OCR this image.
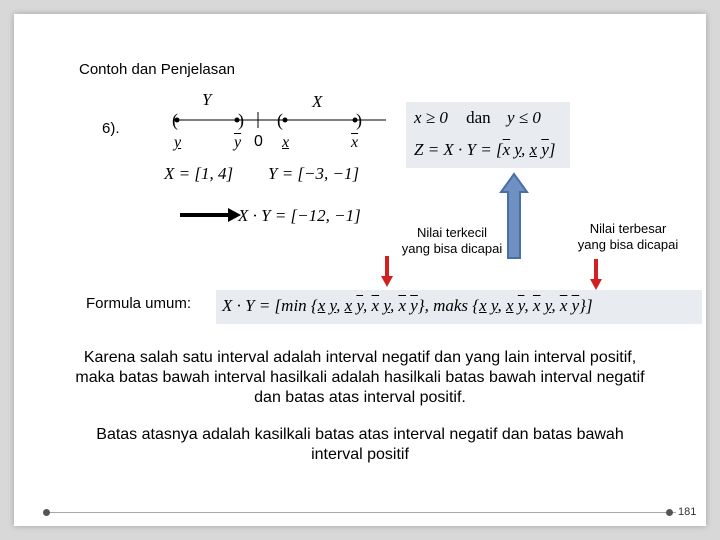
Contoh dan Penjelasan
6).
Y	X
(	) (	)
y	$\overline{y}$ 0 x	$\overline{x}$
X = [1, 4] Y = [−3, −1]
X · Y = [−12, −1]
x ≥ 0 dan y ≤ 0
$Z = X \cdot Y = [\overline{x}$ y, x $\overline{y}$]
Nilai terkecil
yang bisa dicapai
Nilai terbesar
yang bisa dicapai
Formula umum: X · Y = [min {x y, x $\overline{y}$, $\overline{x}$ y, $\overline{x}$ $\overline{y}$}, maks {x y, x $\overline{y}$, $\overline{x}$ y, $\overline{x}$ $\overline{y}$}]
Karena salah satu interval adalah interval negatif dan yang lain interval positif, maka batas bawah interval hasilkali adalah hasilkali batas bawah interval negatif dan batas atas interval positif.
Batas atasnya adalah kasilkali batas atas interval negatif dan batas bawah interval positif
181
